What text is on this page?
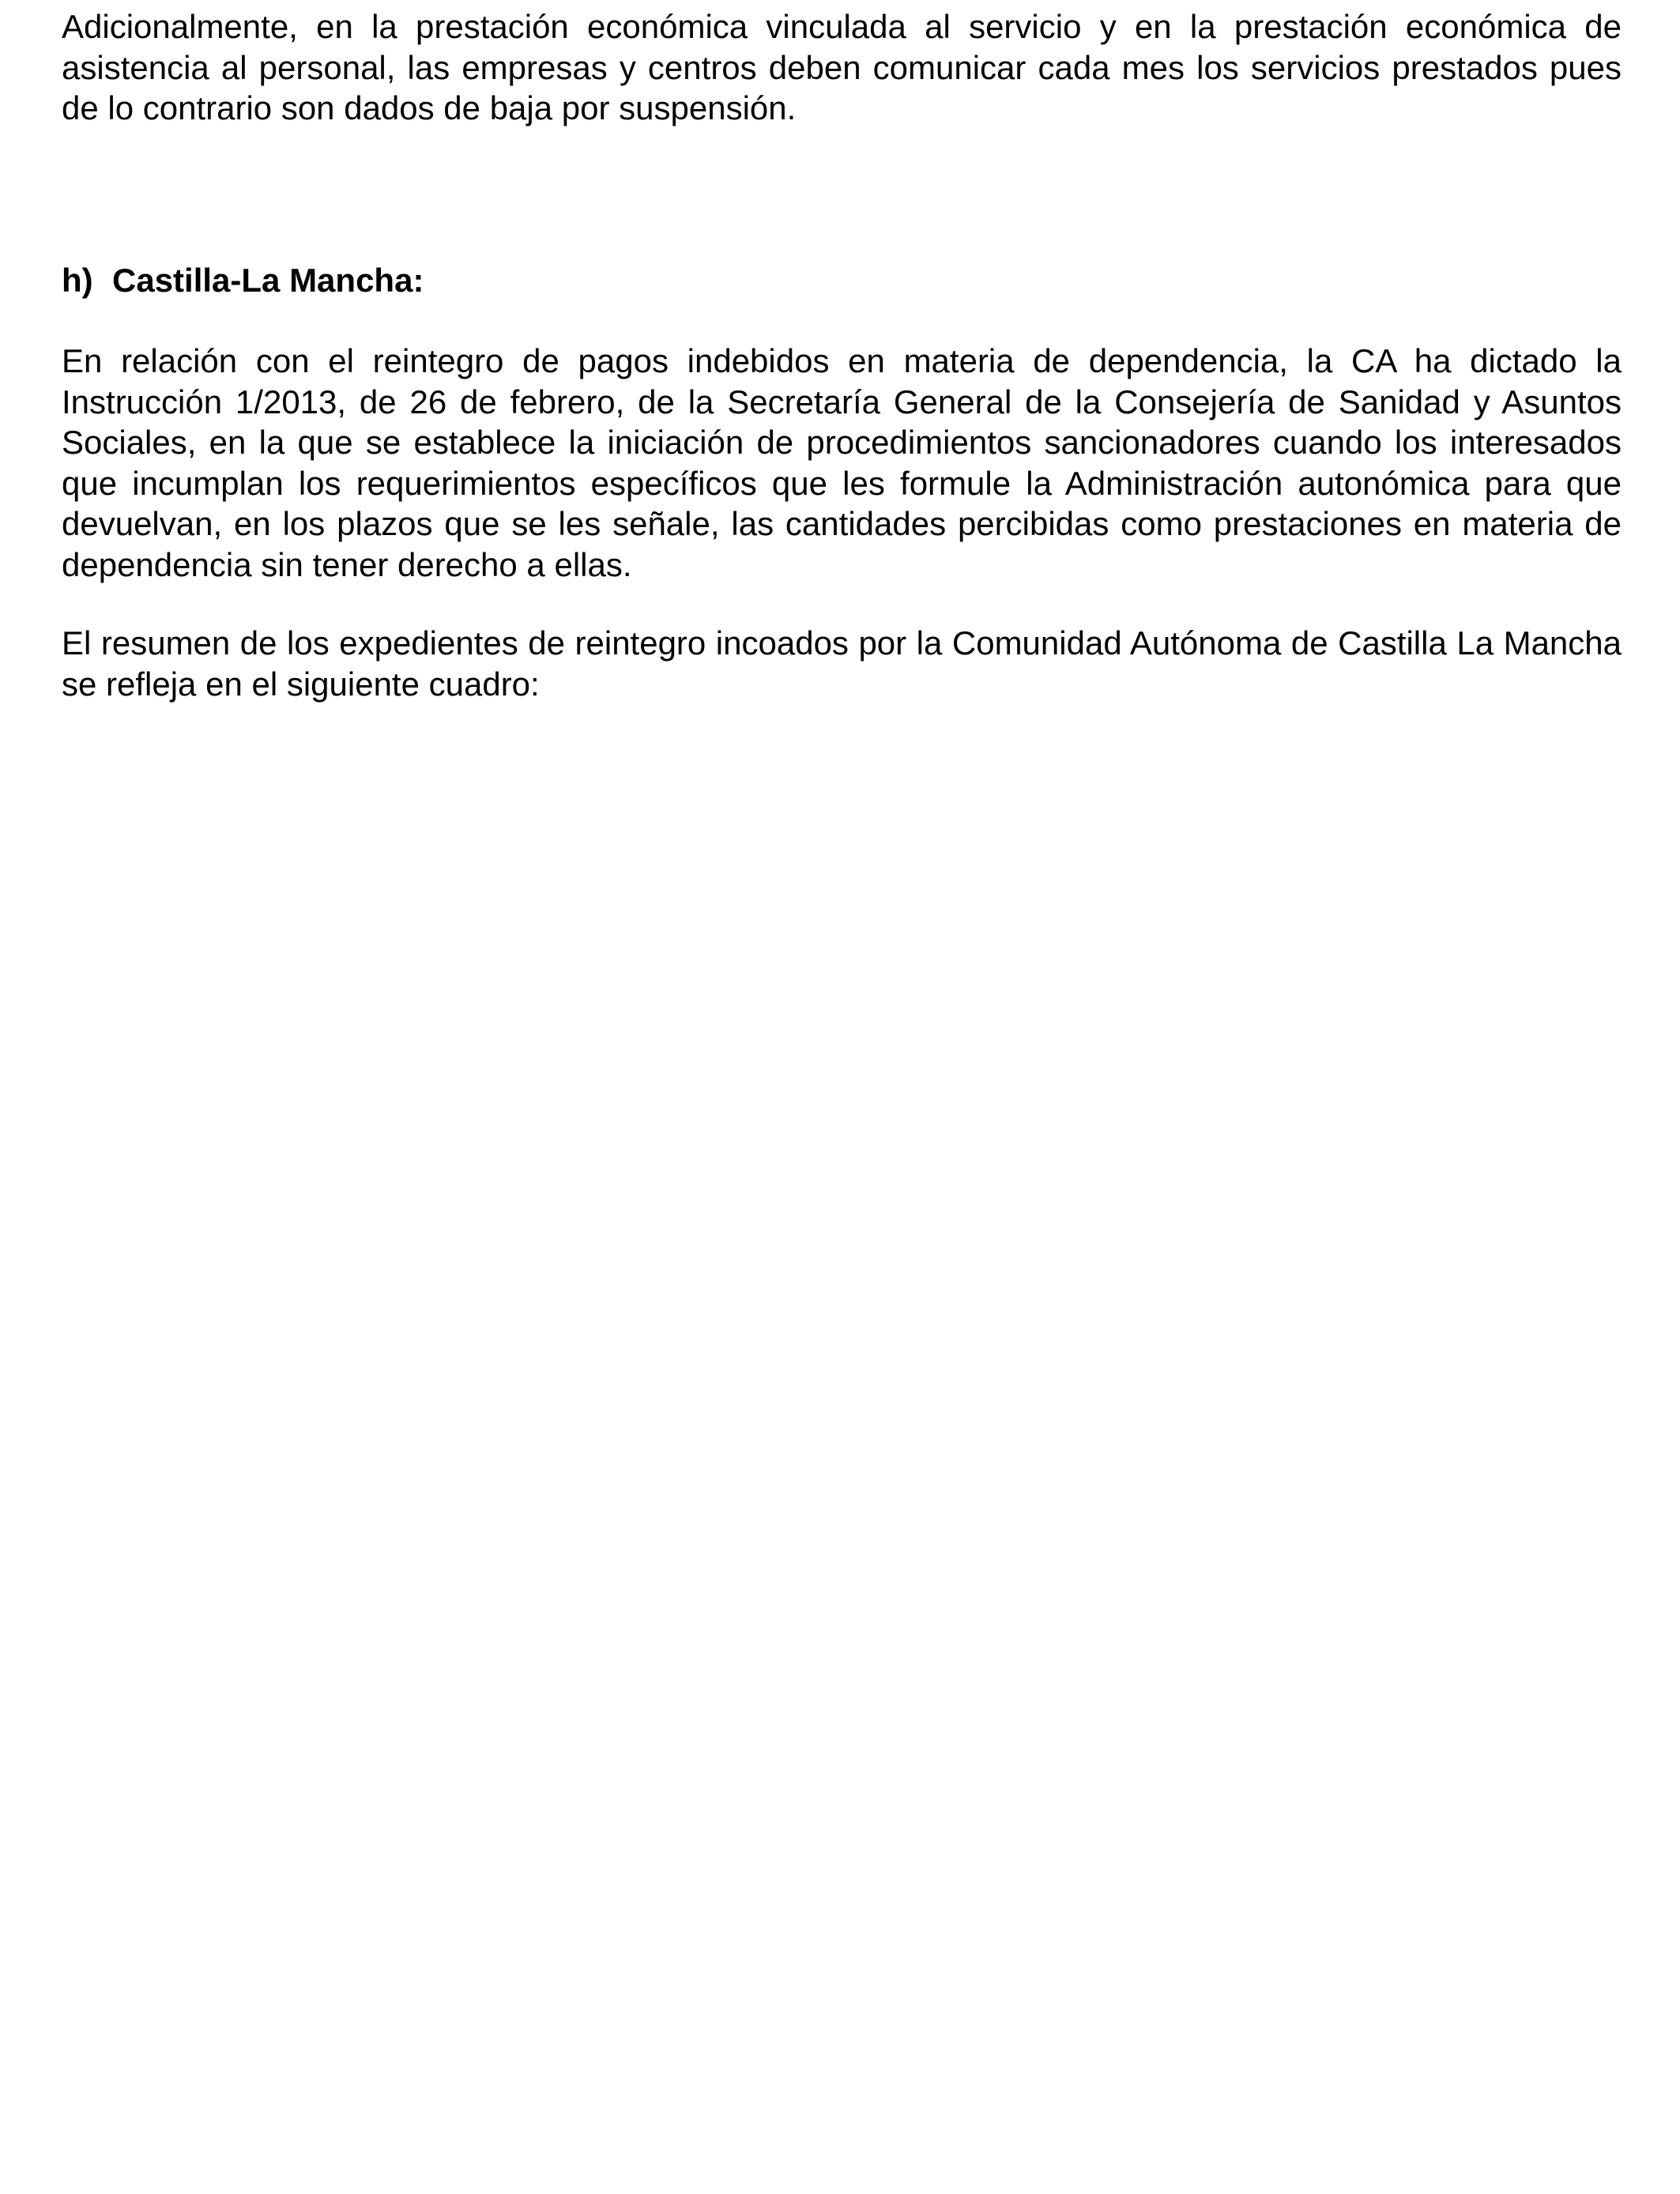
Adicionalmente, en la prestación económica vinculada al servicio y en la prestación económica de asistencia al personal, las empresas y centros deben comunicar cada mes los servicios prestados pues de lo contrario son dados de baja por suspensión.

h) Castilla-La Mancha:

En relación con el reintegro de pagos indebidos en materia de dependencia, la CA ha dictado la Instrucción 1/2013, de 26 de febrero, de la Secretaría General de la Consejería de Sanidad y Asuntos Sociales, en la que se establece la iniciación de procedimientos sancionadores cuando los interesados que incumplan los requerimientos específicos que les formule la Administración autonómica para que devuelvan, en los plazos que se les señale, las cantidades percibidas como prestaciones en materia de dependencia sin tener derecho a ellas.

El resumen de los expedientes de reintegro incoados por la Comunidad Autónoma de Castilla La Mancha se refleja en el siguiente cuadro:
